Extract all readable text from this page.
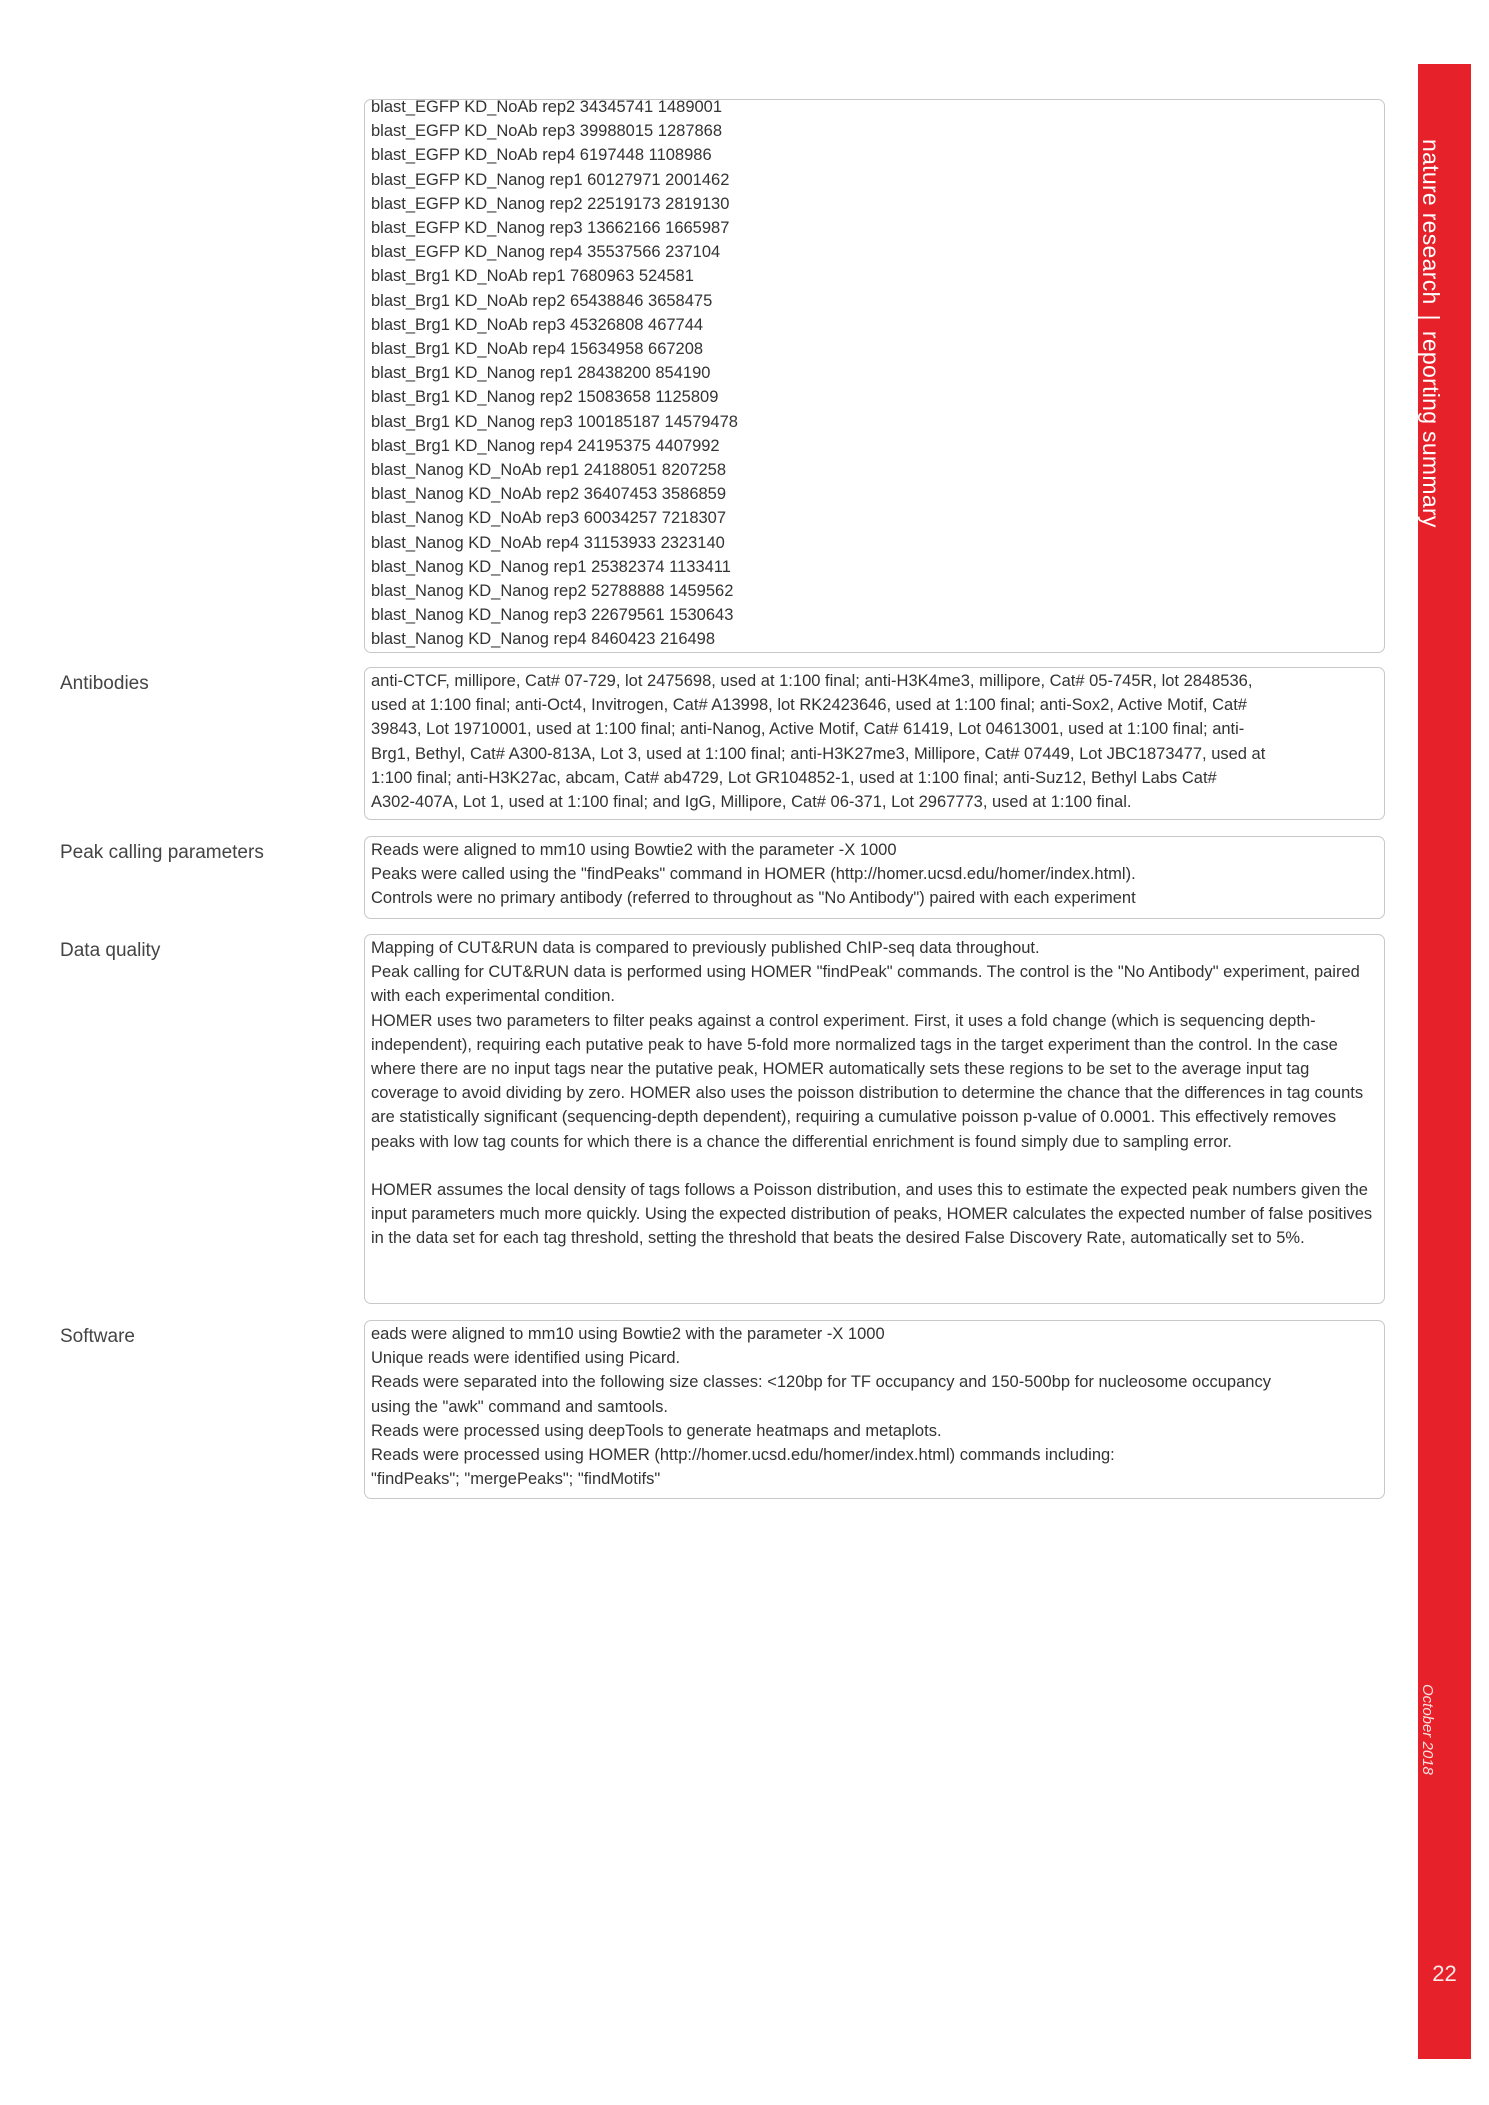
nature research|reporting summary
October 2018
22
blast_EGFP KD_NoAb rep2 34345741 1489001
blast_EGFP KD_NoAb rep3 39988015 1287868
blast_EGFP KD_NoAb rep4 6197448 1108986
blast_EGFP KD_Nanog rep1 60127971 2001462
blast_EGFP KD_Nanog rep2 22519173 2819130
blast_EGFP KD_Nanog rep3 13662166 1665987
blast_EGFP KD_Nanog rep4 35537566 237104
blast_Brg1 KD_NoAb rep1 7680963 524581
blast_Brg1 KD_NoAb rep2 65438846 3658475
blast_Brg1 KD_NoAb rep3 45326808 467744
blast_Brg1 KD_NoAb rep4 15634958 667208
blast_Brg1 KD_Nanog rep1 28438200 854190
blast_Brg1 KD_Nanog rep2 15083658 1125809
blast_Brg1 KD_Nanog rep3 100185187 14579478
blast_Brg1 KD_Nanog rep4 24195375 4407992
blast_Nanog KD_NoAb rep1 24188051 8207258
blast_Nanog KD_NoAb rep2 36407453 3586859
blast_Nanog KD_NoAb rep3 60034257 7218307
blast_Nanog KD_NoAb rep4 31153933 2323140
blast_Nanog KD_Nanog rep1 25382374 1133411
blast_Nanog KD_Nanog rep2 52788888 1459562
blast_Nanog KD_Nanog rep3 22679561 1530643
blast_Nanog KD_Nanog rep4 8460423 216498
Antibodies	anti-CTCF, millipore, Cat# 07-729, lot 2475698, used at 1:100 final; anti-H3K4me3, millipore, Cat# 05-745R, lot 2848536,
used at 1:100 final; anti-Oct4, Invitrogen, Cat# A13998, lot RK2423646, used at 1:100 final; anti-Sox2, Active Motif, Cat#
39843, Lot 19710001, used at 1:100 final; anti-Nanog, Active Motif, Cat# 61419, Lot 04613001, used at 1:100 final; anti-
Brg1, Bethyl, Cat# A300-813A, Lot 3, used at 1:100 final; anti-H3K27me3, Millipore, Cat# 07449, Lot JBC1873477, used at
1:100 final; anti-H3K27ac, abcam, Cat# ab4729, Lot GR104852-1, used at 1:100 final; anti-Suz12, Bethyl Labs Cat#
A302-407A, Lot 1, used at 1:100 final; and IgG, Millipore, Cat# 06-371, Lot 2967773, used at 1:100 final.
Peak calling parameters	Reads were aligned to mm10 using Bowtie2 with the parameter -X 1000
Peaks were called using the "findPeaks" command in HOMER (http://homer.ucsd.edu/homer/index.html).
Controls were no primary antibody (referred to throughout as "No Antibody") paired with each experiment
Data quality	Mapping of CUT&RUN data is compared to previously published ChIP-seq data throughout.
Peak calling for CUT&RUN data is performed using HOMER "findPeak" commands. The control is the "No Antibody" experiment, paired with each experimental condition.
HOMER uses two parameters to filter peaks against a control experiment. First, it uses a fold change (which is sequencing depth-independent), requiring each putative peak to have 5-fold more normalized tags in the target experiment than the control. In the case where there are no input tags near the putative peak, HOMER automatically sets these regions to be set to the average input tag coverage to avoid dividing by zero. HOMER also uses the poisson distribution to determine the chance that the differences in tag counts are statistically significant (sequencing-depth dependent), requiring a cumulative poisson p-value of 0.0001. This effectively removes peaks with low tag counts for which there is a chance the differential enrichment is found simply due to sampling error.
HOMER assumes the local density of tags follows a Poisson distribution, and uses this to estimate the expected peak numbers given the input parameters much more quickly. Using the expected distribution of peaks, HOMER calculates the expected number of false positives in the data set for each tag threshold, setting the threshold that beats the desired False Discovery Rate, automatically set to 5%.
Software	eads were aligned to mm10 using Bowtie2 with the parameter -X 1000
Unique reads were identified using Picard.
Reads were separated into the following size classes: <120bp for TF occupancy and 150-500bp for nucleosome occupancy
using the "awk" command and samtools.
Reads were processed using deepTools to generate heatmaps and metaplots.
Reads were processed using HOMER (http://homer.ucsd.edu/homer/index.html) commands including:
"findPeaks"; "mergePeaks"; "findMotifs"
